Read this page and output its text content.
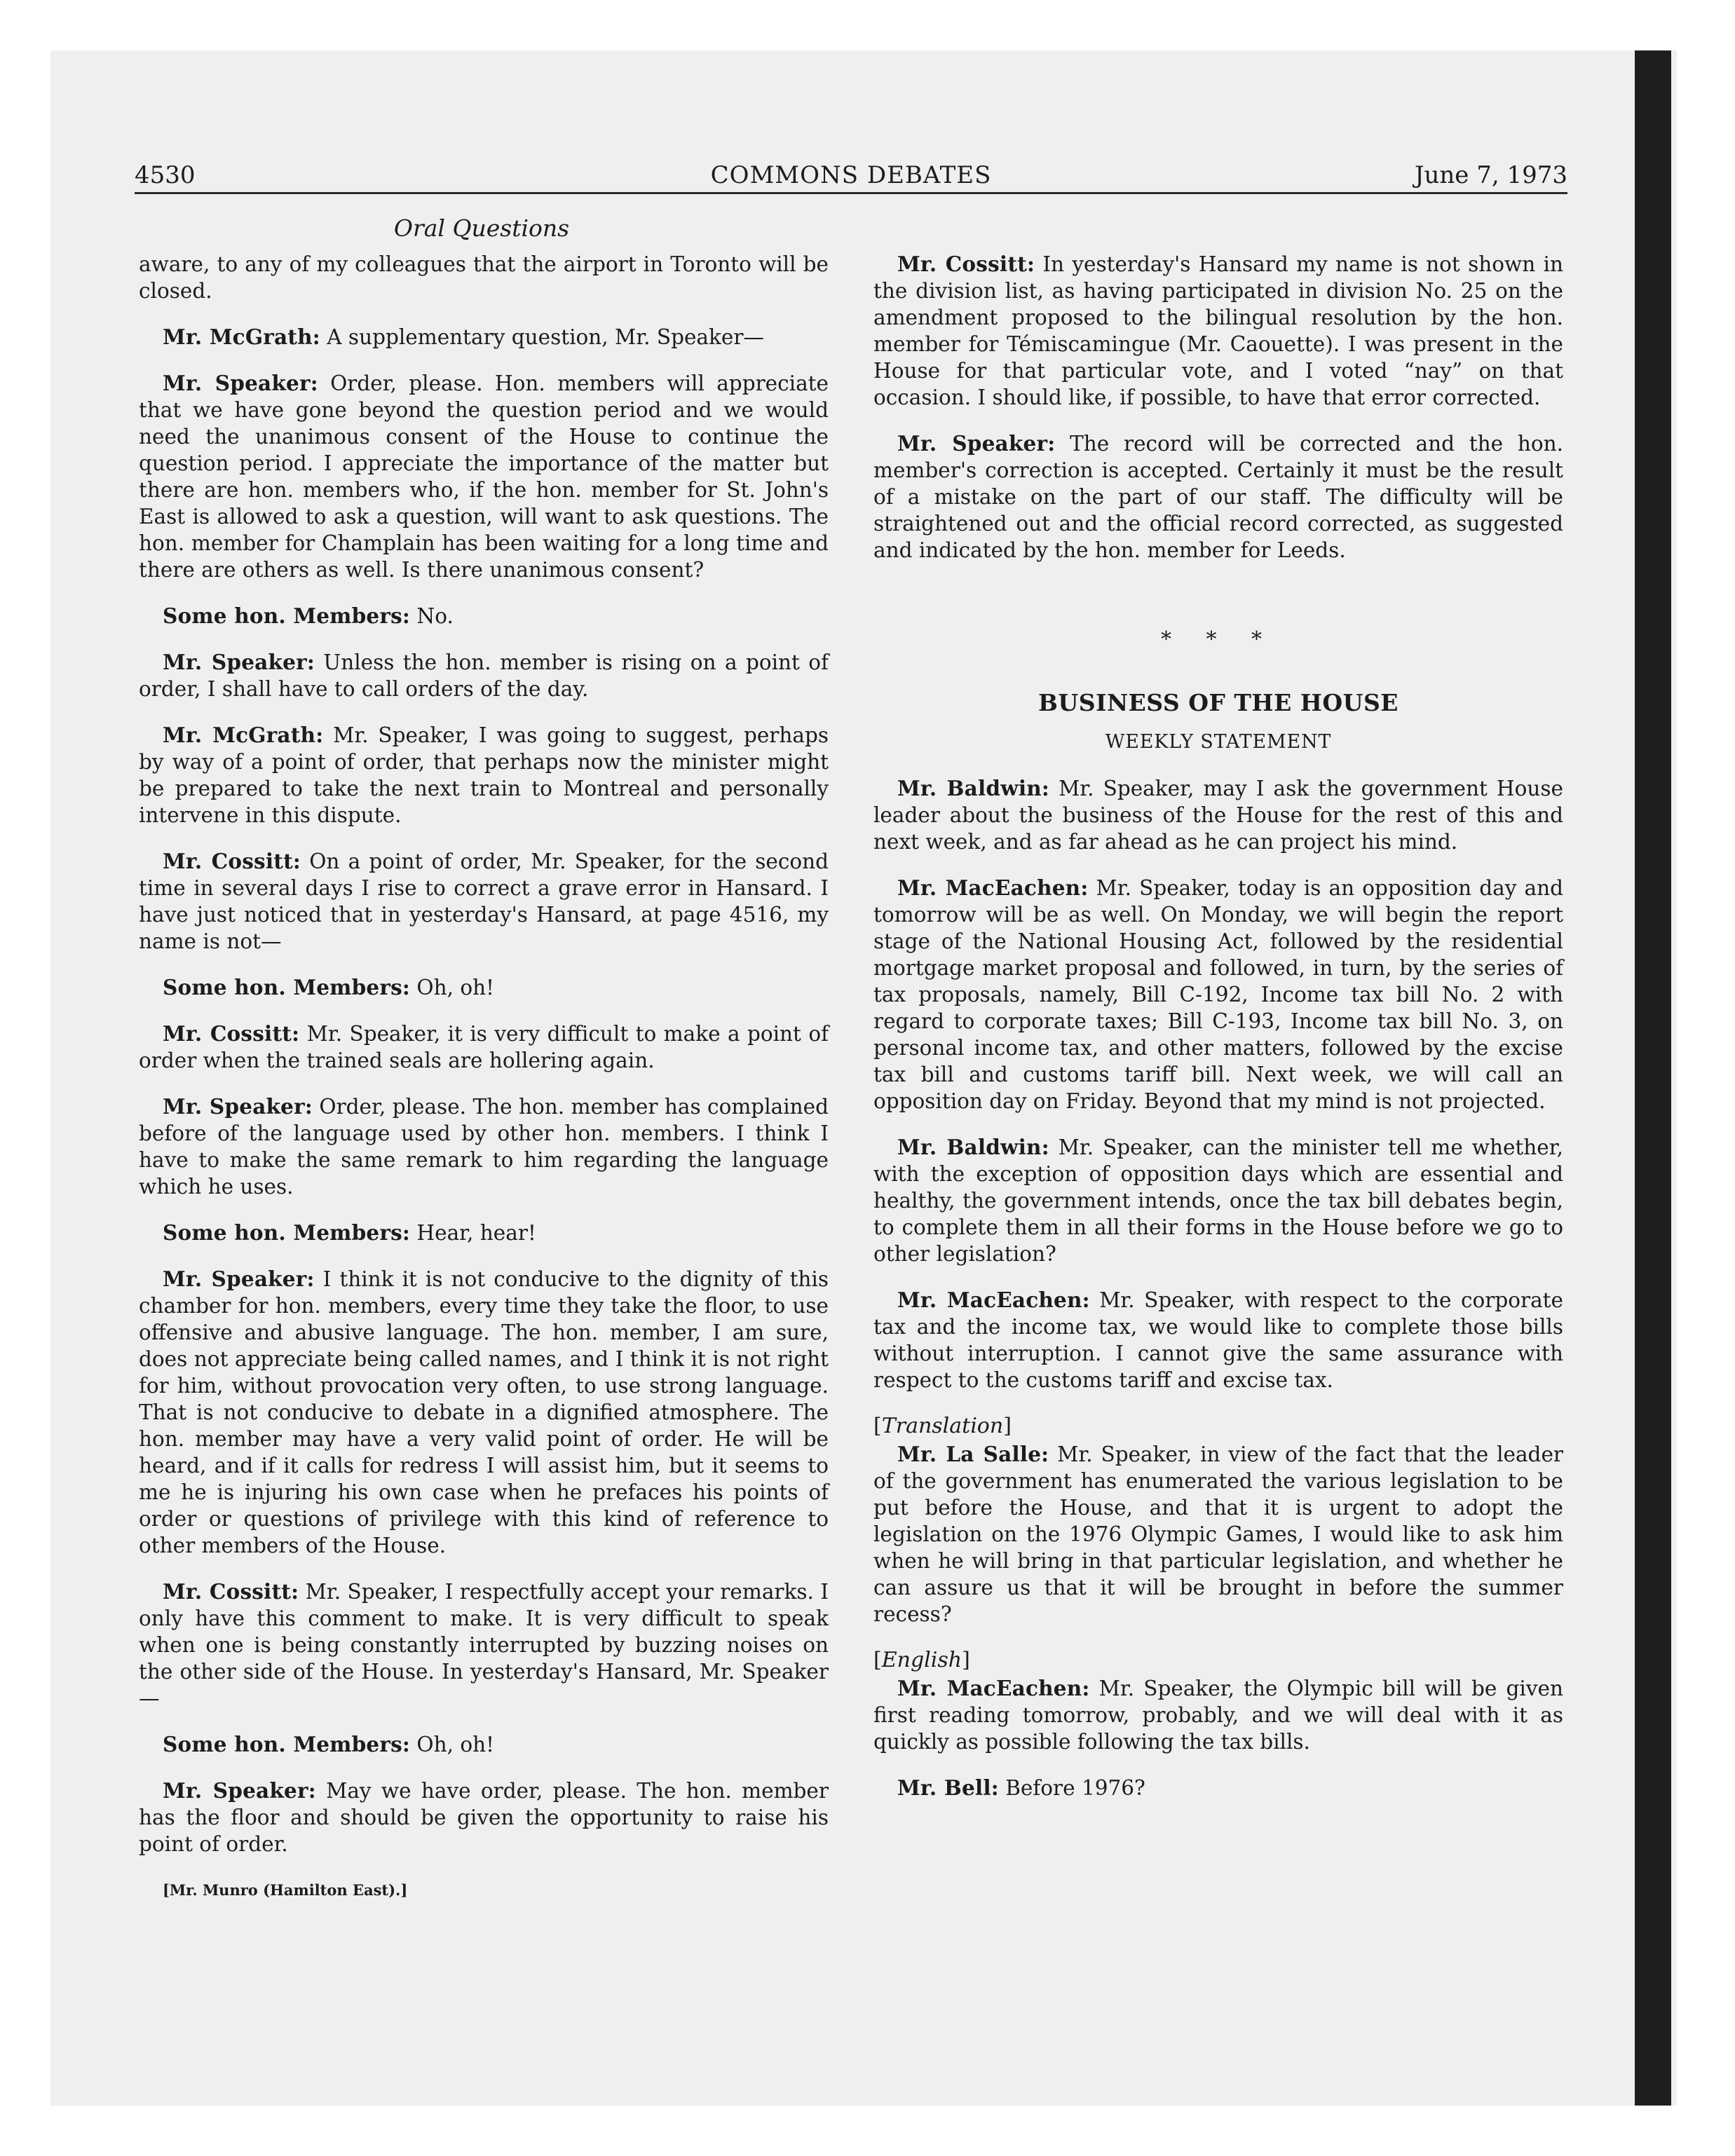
4530	COMMONS DEBATES	June 7, 1973
Oral Questions

aware, to any of my colleagues that the airport in Toronto will be closed.

Mr. McGrath: A supplementary question, Mr. Speaker—

Mr. Speaker: Order, please. Hon. members will appreciate that we have gone beyond the question period and we would need the unanimous consent of the House to continue the question period. I appreciate the importance of the matter but there are hon. members who, if the hon. member for St. John's East is allowed to ask a question, will want to ask questions. The hon. member for Champlain has been waiting for a long time and there are others as well. Is there unanimous consent?

Some hon. Members: No.

Mr. Speaker: Unless the hon. member is rising on a point of order, I shall have to call orders of the day.

Mr. McGrath: Mr. Speaker, I was going to suggest, perhaps by way of a point of order, that perhaps now the minister might be prepared to take the next train to Montreal and personally intervene in this dispute.

Mr. Cossitt: On a point of order, Mr. Speaker, for the second time in several days I rise to correct a grave error in Hansard. I have just noticed that in yesterday's Hansard, at page 4516, my name is not—

Some hon. Members: Oh, oh!

Mr. Cossitt: Mr. Speaker, it is very difficult to make a point of order when the trained seals are hollering again.

Mr. Speaker: Order, please. The hon. member has complained before of the language used by other hon. members. I think I have to make the same remark to him regarding the language which he uses.

Some hon. Members: Hear, hear!

Mr. Speaker: I think it is not conducive to the dignity of this chamber for hon. members, every time they take the floor, to use offensive and abusive language. The hon. member, I am sure, does not appreciate being called names, and I think it is not right for him, without provocation very often, to use strong language. That is not conducive to debate in a dignified atmosphere. The hon. member may have a very valid point of order. He will be heard, and if it calls for redress I will assist him, but it seems to me he is injuring his own case when he prefaces his points of order or questions of privilege with this kind of reference to other members of the House.

Mr. Cossitt: Mr. Speaker, I respectfully accept your remarks. I only have this comment to make. It is very difficult to speak when one is being constantly interrupted by buzzing noises on the other side of the House. In yesterday's Hansard, Mr. Speaker—

Some hon. Members: Oh, oh!

Mr. Speaker: May we have order, please. The hon. member has the floor and should be given the opportunity to raise his point of order.

[Mr. Munro (Hamilton East).]

Mr. Cossitt: In yesterday's Hansard my name is not shown in the division list, as having participated in division No. 25 on the amendment proposed to the bilingual resolution by the hon. member for Témiscamingue (Mr. Caouette). I was present in the House for that particular vote, and I voted “nay” on that occasion. I should like, if possible, to have that error corrected.

Mr. Speaker: The record will be corrected and the hon. member's correction is accepted. Certainly it must be the result of a mistake on the part of our staff. The difficulty will be straightened out and the official record corrected, as suggested and indicated by the hon. member for Leeds.

* * *
BUSINESS OF THE HOUSE
WEEKLY STATEMENT

Mr. Baldwin: Mr. Speaker, may I ask the government House leader about the business of the House for the rest of this and next week, and as far ahead as he can project his mind.

Mr. MacEachen: Mr. Speaker, today is an opposition day and tomorrow will be as well. On Monday, we will begin the report stage of the National Housing Act, followed by the residential mortgage market proposal and followed, in turn, by the series of tax proposals, namely, Bill C-192, Income tax bill No. 2 with regard to corporate taxes; Bill C-193, Income tax bill No. 3, on personal income tax, and other matters, followed by the excise tax bill and customs tariff bill. Next week, we will call an opposition day on Friday. Beyond that my mind is not projected.

Mr. Baldwin: Mr. Speaker, can the minister tell me whether, with the exception of opposition days which are essential and healthy, the government intends, once the tax bill debates begin, to complete them in all their forms in the House before we go to other legislation?

Mr. MacEachen: Mr. Speaker, with respect to the corporate tax and the income tax, we would like to complete those bills without interruption. I cannot give the same assurance with respect to the customs tariff and excise tax.

[Translation]

Mr. La Salle: Mr. Speaker, in view of the fact that the leader of the government has enumerated the various legislation to be put before the House, and that it is urgent to adopt the legislation on the 1976 Olympic Games, I would like to ask him when he will bring in that particular legislation, and whether he can assure us that it will be brought in before the summer recess?

[English]

Mr. MacEachen: Mr. Speaker, the Olympic bill will be given first reading tomorrow, probably, and we will deal with it as quickly as possible following the tax bills.

Mr. Bell: Before 1976?
